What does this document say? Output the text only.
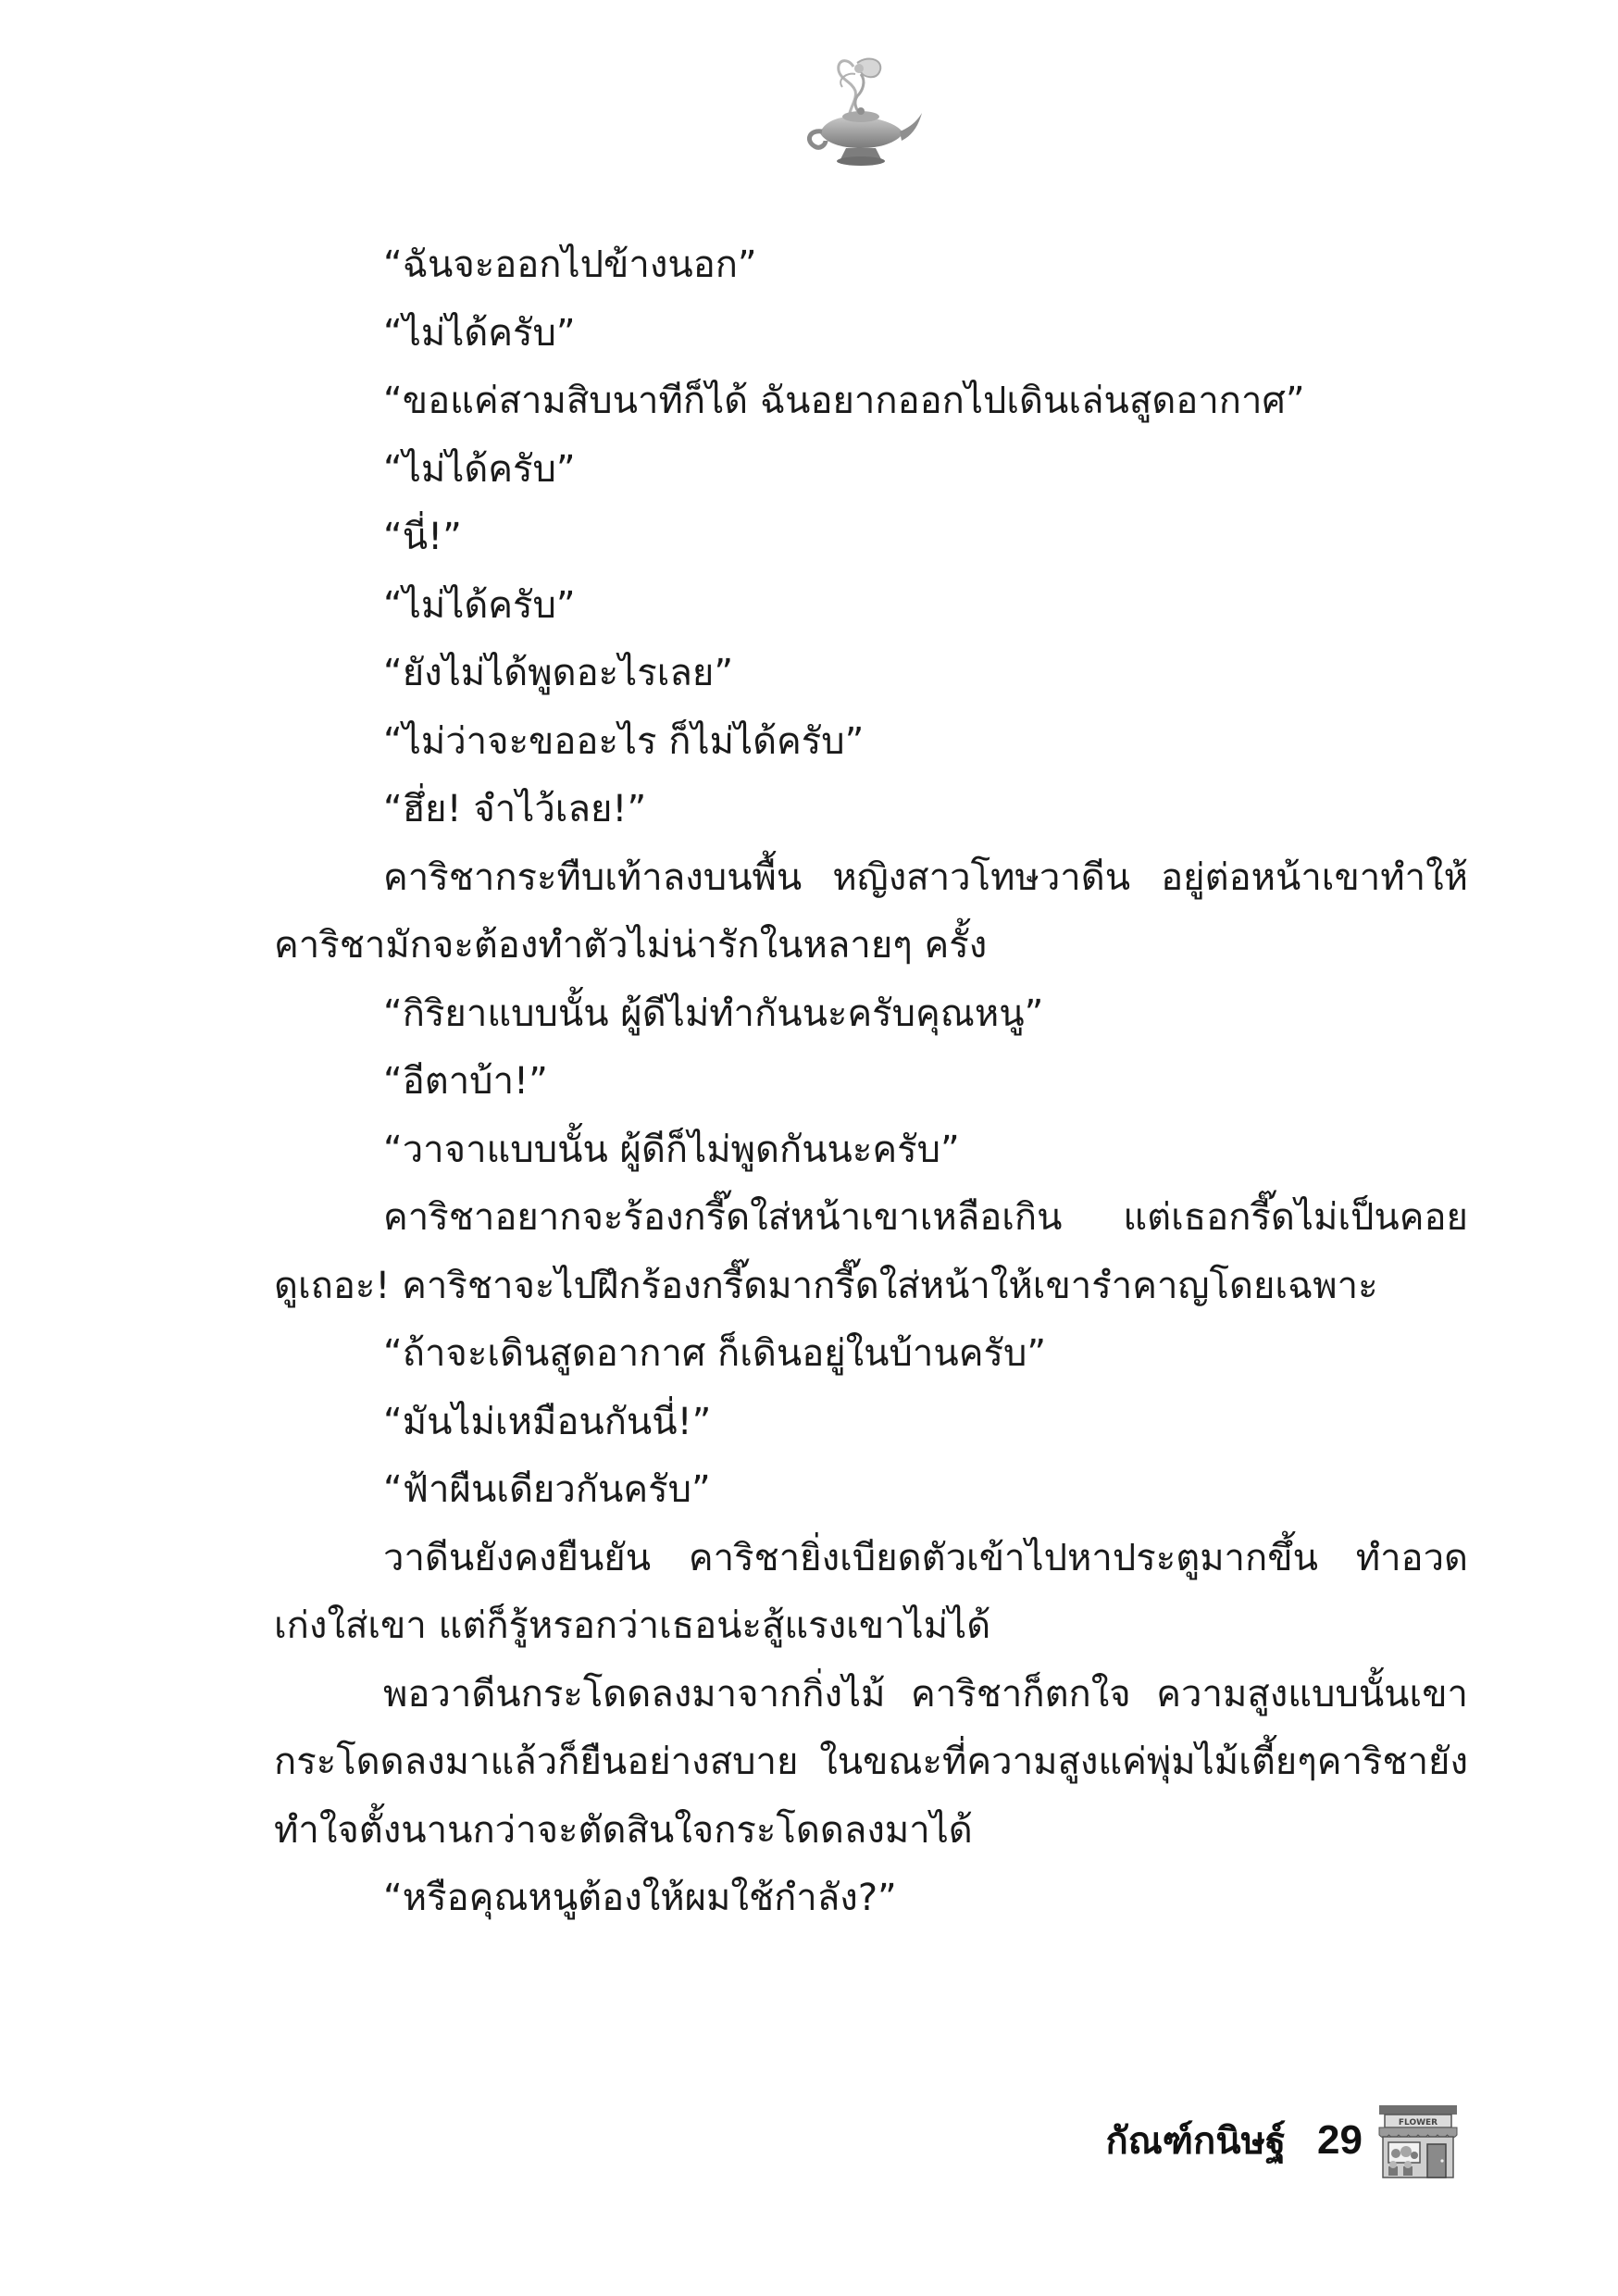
“ฉันจะออกไปข้างนอก”

“ไม่ได้ครับ”

“ขอแค่สามสิบนาทีก็ได้ ฉันอยากออกไปเดินเล่นสูดอากาศ”

“ไม่ได้ครับ”

“นี่!”

“ไม่ได้ครับ”

“ยังไม่ได้พูดอะไรเลย”

“ไม่ว่าจะขออะไร ก็ไม่ได้ครับ”

“ฮึ่ย! จำไว้เลย!”

คาริชากระทืบเท้าลงบนพื้น หญิงสาวโทษวาดีน อยู่ต่อหน้าเขาทำให้คาริชามักจะต้องทำตัวไม่น่ารักในหลายๆ ครั้ง

“กิริยาแบบนั้น ผู้ดีไม่ทำกันนะครับคุณหนู”

“อีตาบ้า!”

“วาจาแบบนั้น ผู้ดีก็ไม่พูดกันนะครับ”

คาริชาอยากจะร้องกรี๊ดใส่หน้าเขาเหลือเกิน แต่เธอกรี๊ดไม่เป็นคอยดูเถอะ! คาริชาจะไปฝึกร้องกรี๊ดมากรี๊ดใส่หน้าให้เขารำคาญโดยเฉพาะ

“ถ้าจะเดินสูดอากาศ ก็เดินอยู่ในบ้านครับ”

“มันไม่เหมือนกันนี่!”

“ฟ้าผืนเดียวกันครับ”

วาดีนยังคงยืนยัน คาริชายิ่งเบียดตัวเข้าไปหาประตูมากขึ้น ทำอวดเก่งใส่เขา แต่ก็รู้หรอกว่าเธอน่ะสู้แรงเขาไม่ได้

พอวาดีนกระโดดลงมาจากกิ่งไม้ คาริชาก็ตกใจ ความสูงแบบนั้นเขากระโดดลงมาแล้วก็ยืนอย่างสบาย ในขณะที่ความสูงแค่พุ่มไม้เตี้ยๆคาริชายังทำใจตั้งนานกว่าจะตัดสินใจกระโดดลงมาได้

“หรือคุณหนูต้องให้ผมใช้กำลัง?”

กัณฑ์กนิษฐ์ 29	FLOWER
